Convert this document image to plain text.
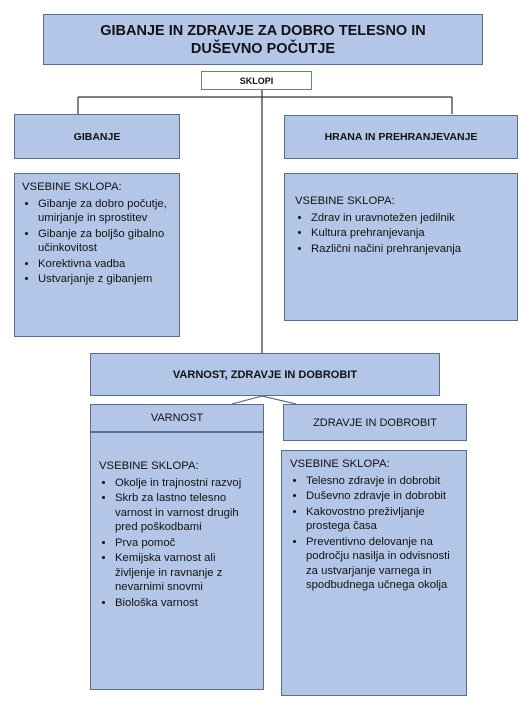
GIBANJE IN ZDRAVJE ZA DOBRO TELESNO IN DUŠEVNO POČUTJE
SKLOPI
GIBANJE	HRANA IN PREHRANJEVANJE
VSEBINE SKLOPA:
• Gibanje za dobro počutje, umirjanje in sprostitev
• Gibanje za boljšo gibalno učinkovitost
• Korektivna vadba
• Ustvarjanje z gibanjem
VSEBINE SKLOPA:
• Zdrav in uravnotežen jedilnik
• Kultura prehranjevanja
• Različni načini prehranjevanja
VARNOST, ZDRAVJE IN DOBROBIT
VARNOST	ZDRAVJE IN DOBROBIT
VSEBINE SKLOPA:
• Okolje in trajnostni razvoj
• Skrb za lastno telesno varnost in varnost drugih pred poškodbami
• Prva pomoč
• Kemijska varnost ali življenje in ravnanje z nevarnimi snovmi
• Biološka varnost
VSEBINE SKLOPA:
• Telesno zdravje in dobrobit
• Duševno zdravje in dobrobit
• Kakovostno preživljanje prostega časa
• Preventivno delovanje na področju nasilja in odvisnosti za ustvarjanje varnega in spodbudnega učnega okolja
